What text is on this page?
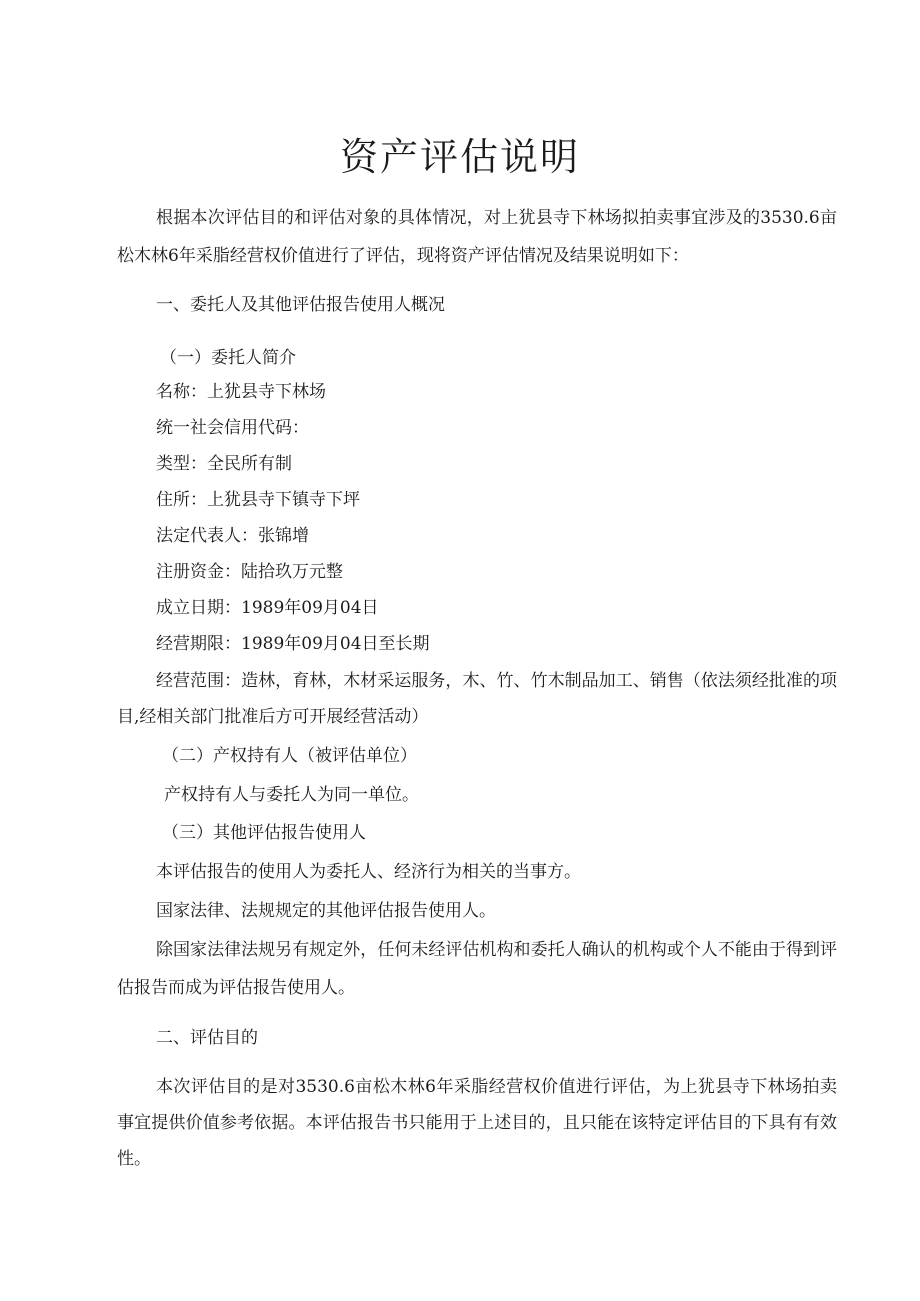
资产评估说明

根据本次评估目的和评估对象的具体情况，对上犹县寺下林场拟拍卖事宜涉及的3530.6亩

松木林6年采脂经营权价值进行了评估，现将资产评估情况及结果说明如下：

一、委托人及其他评估报告使用人概况

（一）委托人简介

名称：上犹县寺下林场

统一社会信用代码：

类型：全民所有制

住所：上犹县寺下镇寺下坪

法定代表人：张锦增

注册资金：陆拾玖万元整

成立日期：1989年09月04日

经营期限：1989年09月04日至长期

经营范围：造林，育林，木材采运服务，木、竹、竹木制品加工、销售（依法须经批准的项

目,经相关部门批准后方可开展经营活动）

（二）产权持有人（被评估单位）

产权持有人与委托人为同一单位。

（三）其他评估报告使用人

本评估报告的使用人为委托人、经济行为相关的当事方。

国家法律、法规规定的其他评估报告使用人。

除国家法律法规另有规定外，任何未经评估机构和委托人确认的机构或个人不能由于得到评

估报告而成为评估报告使用人。

二、评估目的

本次评估目的是对3530.6亩松木林6年采脂经营权价值进行评估，为上犹县寺下林场拍卖

事宜提供价值参考依据。本评估报告书只能用于上述目的，且只能在该特定评估目的下具有有效

性。
